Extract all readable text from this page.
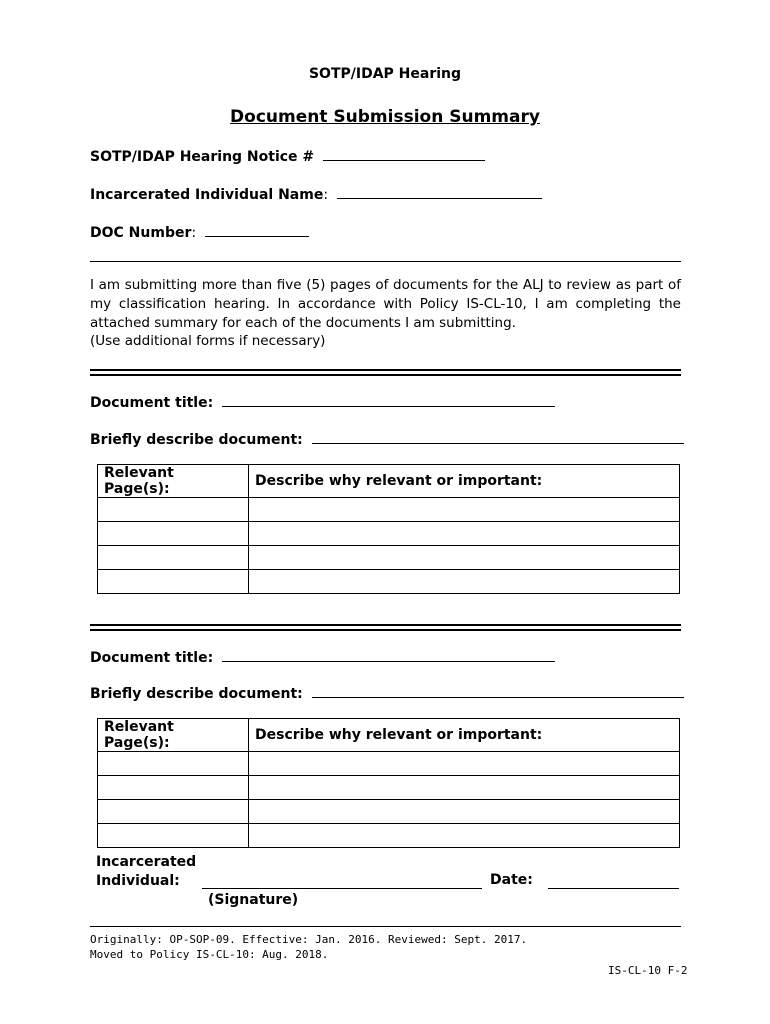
SOTP/IDAP Hearing
Document Submission Summary
SOTP/IDAP Hearing Notice #
Incarcerated Individual Name:
DOC Number:
I am submitting more than five (5) pages of documents for the ALJ to review as part of my classification hearing. In accordance with Policy IS-CL-10, I am completing the attached summary for each of the documents I am submitting.
(Use additional forms if necessary)
Document title:
Briefly describe document:
Relevant Page(s):	Describe why relevant or important:

Document title:
Briefly describe document:
Relevant Page(s):	Describe why relevant or important:

Incarcerated
Individual:
(Signature)
Date:
Originally: OP-SOP-09. Effective: Jan. 2016. Reviewed: Sept. 2017.
Moved to Policy IS-CL-10: Aug. 2018.
IS-CL-10 F-2
